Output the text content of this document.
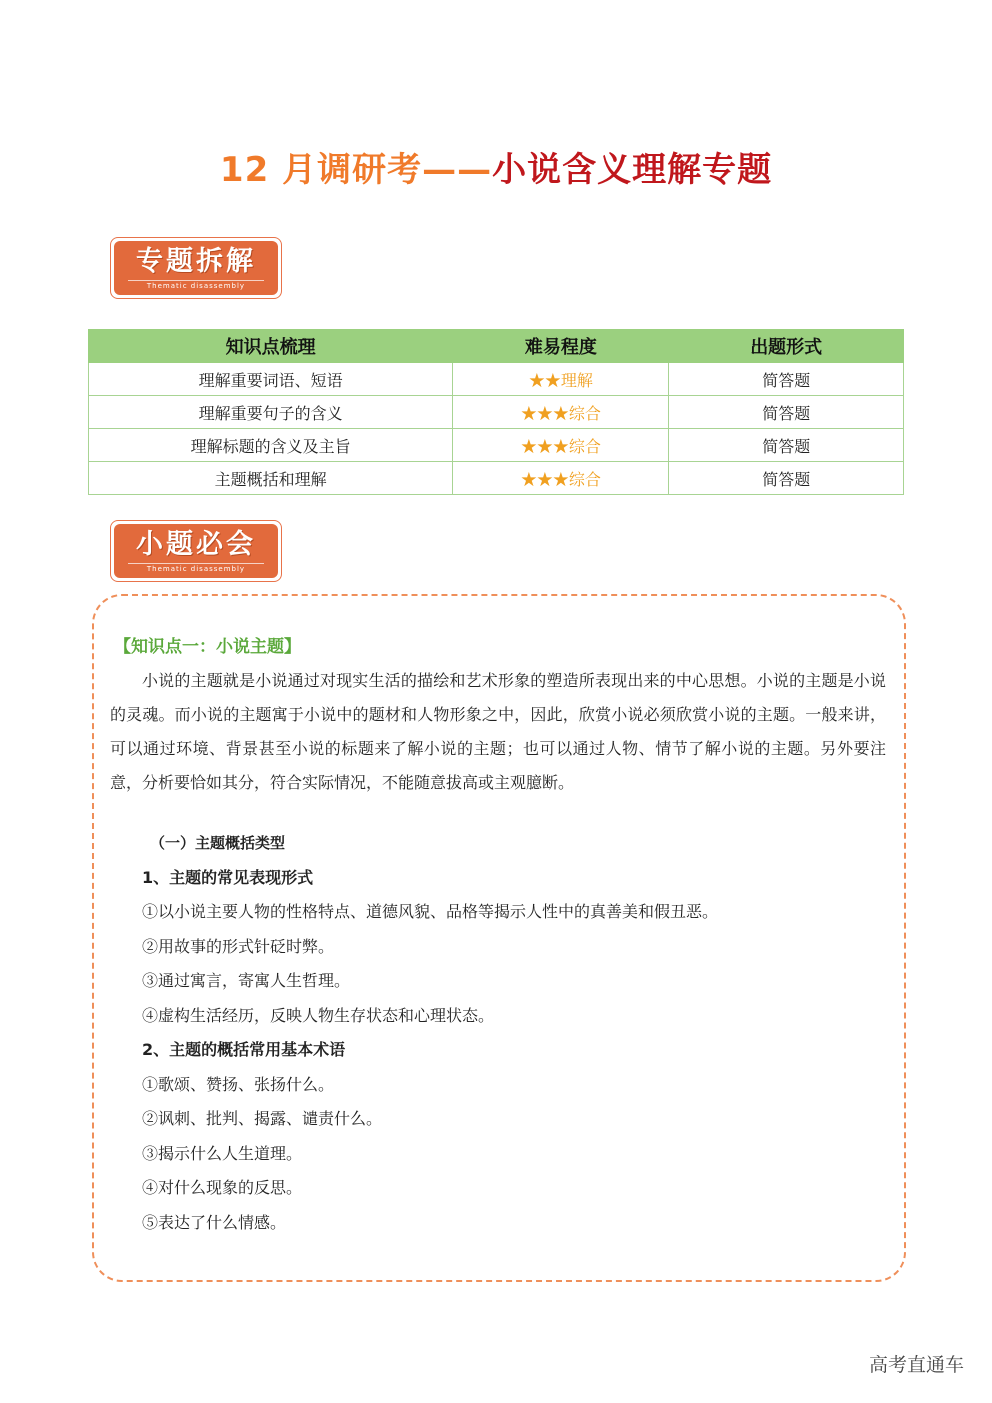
12 月调研考——小说含义理解专题
专题拆解
Thematic disassembly
知识点梳理	难易程度	出题形式
理解重要词语、短语	★★理解	简答题
理解重要句子的含义	★★★综合	简答题
理解标题的含义及主旨	★★★综合	简答题
主题概括和理解	★★★综合	简答题
小题必会
Thematic disassembly
【知识点一：小说主题】

小说的主题就是小说通过对现实生活的描绘和艺术形象的塑造所表现出来的中心思想。小说的主题是小说的灵魂。而小说的主题寓于小说中的题材和人物形象之中，因此，欣赏小说必须欣赏小说的主题。一般来讲，可以通过环境、背景甚至小说的标题来了解小说的主题；也可以通过人物、情节了解小说的主题。另外要注意，分析要恰如其分，符合实际情况，不能随意拔高或主观臆断。

（一）主题概括类型
1、主题的常见表现形式
①以小说主要人物的性格特点、道德风貌、品格等揭示人性中的真善美和假丑恶。
②用故事的形式针砭时弊。
③通过寓言，寄寓人生哲理。
④虚构生活经历，反映人物生存状态和心理状态。
2、主题的概括常用基本术语
①歌颂、赞扬、张扬什么。
②讽刺、批判、揭露、谴责什么。
③揭示什么人生道理。
④对什么现象的反思。
⑤表达了什么情感。
高考直通车
